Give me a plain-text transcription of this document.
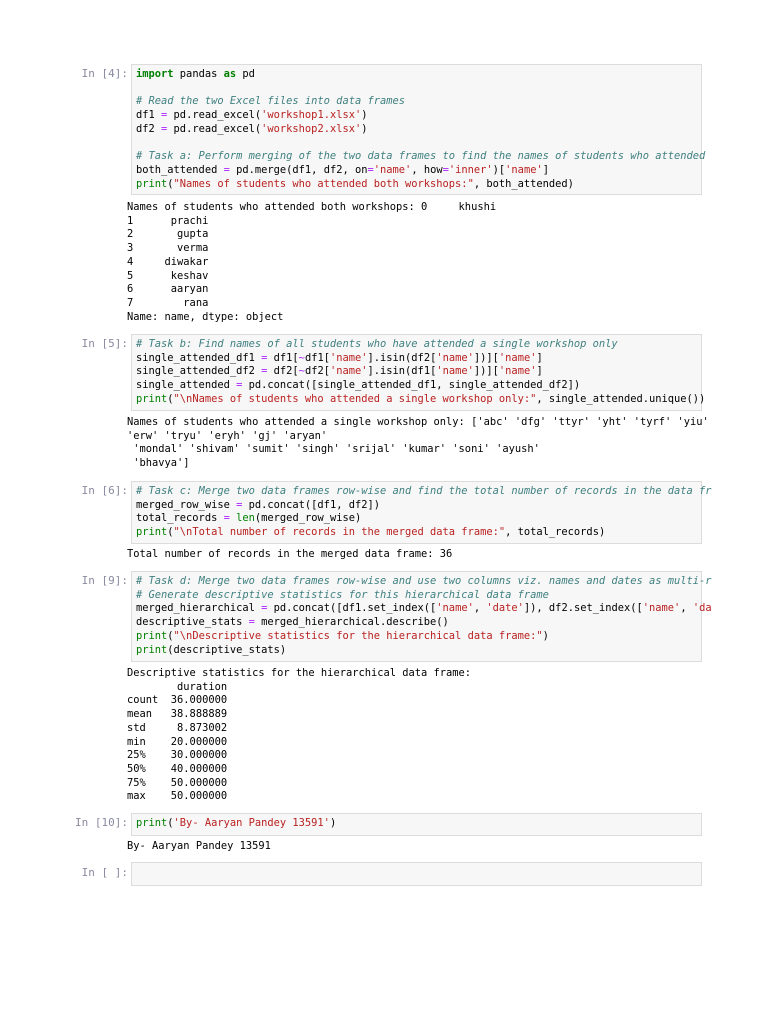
In [4]: import pandas as pd

# Read the two Excel files into data frames
df1 = pd.read_excel('workshop1.xlsx')
df2 = pd.read_excel('workshop2.xlsx')

# Task a: Perform merging of the two data frames to find the names of students who attended
both_attended = pd.merge(df1, df2, on='name', how='inner')['name']
print("Names of students who attended both workshops:", both_attended)
Names of students who attended both workshops: 0     khushi
1      prachi
2       gupta
3       verma
4     diwakar
5      keshav
6      aaryan
7        rana
Name: name, dtype: object
In [5]: # Task b: Find names of all students who have attended a single workshop only
single_attended_df1 = df1[~df1['name'].isin(df2['name'])]['name']
single_attended_df2 = df2[~df2['name'].isin(df1['name'])]['name']
single_attended = pd.concat([single_attended_df1, single_attended_df2])
print("\nNames of students who attended a single workshop only:", single_attended.unique())
Names of students who attended a single workshop only: ['abc' 'dfg' 'ttyr' 'yht' 'tyrf' 'yiu'
'erw' 'tryu' 'eryh' 'gj' 'aryan'
'mondal' 'shivam' 'sumit' 'singh' 'srijal' 'kumar' 'soni' 'ayush'
'bhavya']
In [6]: # Task c: Merge two data frames row-wise and find the total number of records in the data fr
merged_row_wise = pd.concat([df1, df2])
total_records = len(merged_row_wise)
print("\nTotal number of records in the merged data frame:", total_records)
Total number of records in the merged data frame: 36
In [9]: # Task d: Merge two data frames row-wise and use two columns viz. names and dates as multi-r
# Generate descriptive statistics for this hierarchical data frame
merged_hierarchical = pd.concat([df1.set_index(['name', 'date']), df2.set_index(['name', 'da
descriptive_stats = merged_hierarchical.describe()
print("\nDescriptive statistics for the hierarchical data frame:")
print(descriptive_stats)
Descriptive statistics for the hierarchical data frame:
duration
count  36.000000
mean   38.888889
std     8.873002
min    20.000000
25%    30.000000
50%    40.000000
75%    50.000000
max    50.000000
In [10]: print('By- Aaryan Pandey 13591')
By- Aaryan Pandey 13591
In [ ]:
